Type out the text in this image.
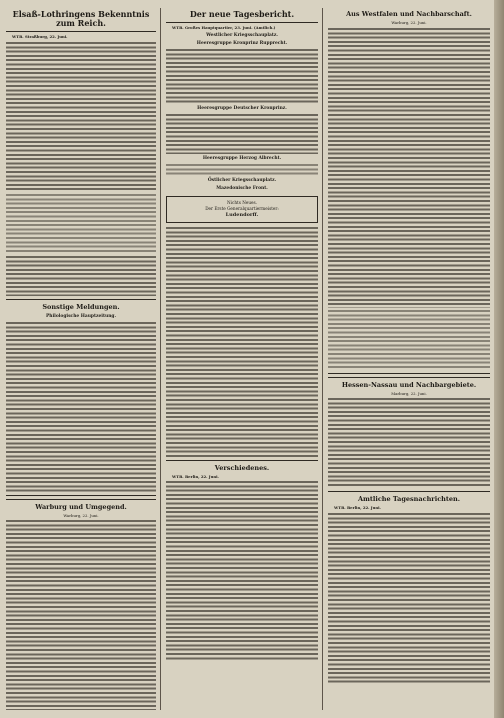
Elsaß-Lothringens Bekenntnis zum Reich.
WTB. Straßburg, 22. Juni.
Sonstige Meldungen.
Philologische Hauptzeitung.
Warburg und Umgegend.
Warburg, 22. Juni.
Der neue Tagesbericht.
WTB. Großes Hauptquartier, 23. Juni. (Amtlich.)
Westlicher Kriegsschauplatz.
Heeresgruppe Kronprinz Rupprecht.
Heeresgruppe Deutscher Kronprinz.
Heeresgruppe Herzog Albrecht.
Östlicher Kriegsschauplatz.
Mazedonische Front.
Nichts Neues.
Der Erste Generalquartiermeister:
Ludendorff.
Verschiedenes.
WTB. Berlin, 22. Juni.
Aus Westfalen und Nachbarschaft.
Warburg, 22. Juni.
Hessen-Nassau und Nachbargebiete.
Marburg, 22. Juni.
Amtliche Tagesnachrichten.
WTB. Berlin, 22. Juni.
